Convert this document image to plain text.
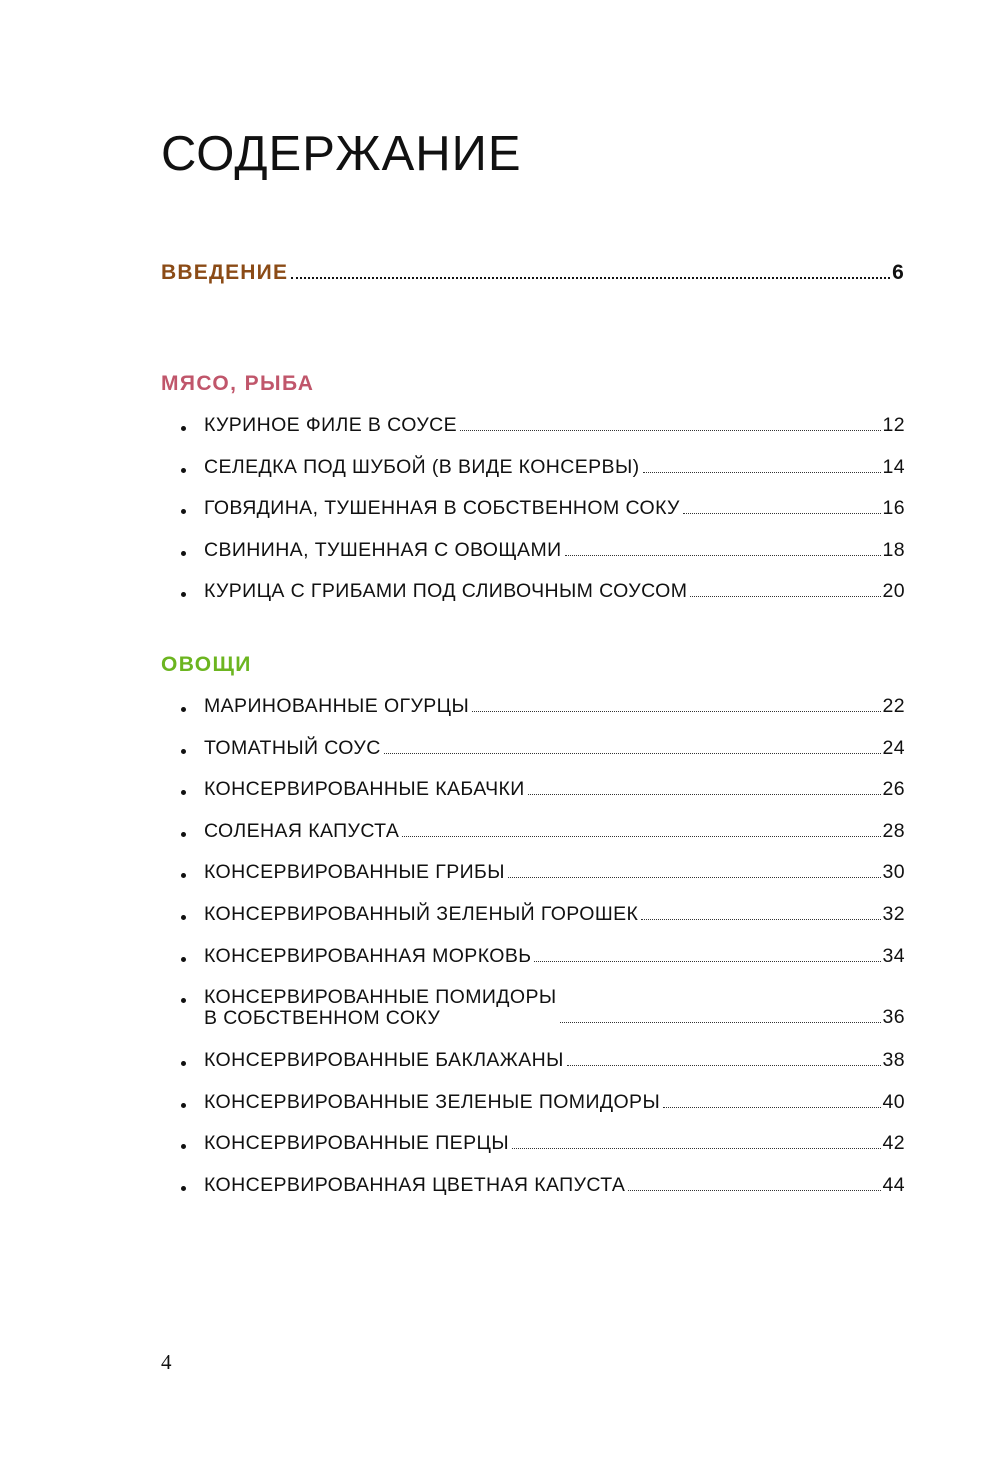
СОДЕРЖАНИЕ
ВВЕДЕНИЕ	6
МЯСО, РЫБА
КУРИНОЕ ФИЛЕ В СОУСЕ	12
СЕЛЕДКА ПОД ШУБОЙ (В ВИДЕ КОНСЕРВЫ)	14
ГОВЯДИНА, ТУШЕННАЯ В СОБСТВЕННОМ СОКУ	16
СВИНИНА, ТУШЕННАЯ С ОВОЩАМИ	18
КУРИЦА С ГРИБАМИ ПОД СЛИВОЧНЫМ СОУСОМ	20
ОВОЩИ
МАРИНОВАННЫЕ ОГУРЦЫ	22
ТОМАТНЫЙ СОУС	24
КОНСЕРВИРОВАННЫЕ КАБАЧКИ	26
СОЛЕНАЯ КАПУСТА	28
КОНСЕРВИРОВАННЫЕ ГРИБЫ	30
КОНСЕРВИРОВАННЫЙ ЗЕЛЕНЫЙ ГОРОШЕК	32
КОНСЕРВИРОВАННАЯ МОРКОВЬ	34
КОНСЕРВИРОВАННЫЕ ПОМИДОРЫ
В СОБСТВЕННОМ СОКУ	36
КОНСЕРВИРОВАННЫЕ БАКЛАЖАНЫ	38
КОНСЕРВИРОВАННЫЕ ЗЕЛЕНЫЕ ПОМИДОРЫ	40
КОНСЕРВИРОВАННЫЕ ПЕРЦЫ	42
КОНСЕРВИРОВАННАЯ ЦВЕТНАЯ КАПУСТА	44
4
